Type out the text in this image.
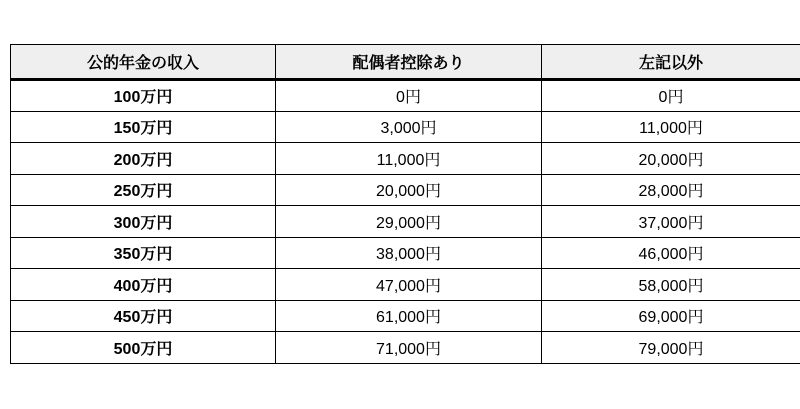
公的年金の収入	配偶者控除あり	左記以外
100万円	0円	0円
150万円	3,000円	11,000円
200万円	11,000円	20,000円
250万円	20,000円	28,000円
300万円	29,000円	37,000円
350万円	38,000円	46,000円
400万円	47,000円	58,000円
450万円	61,000円	69,000円
500万円	71,000円	79,000円
